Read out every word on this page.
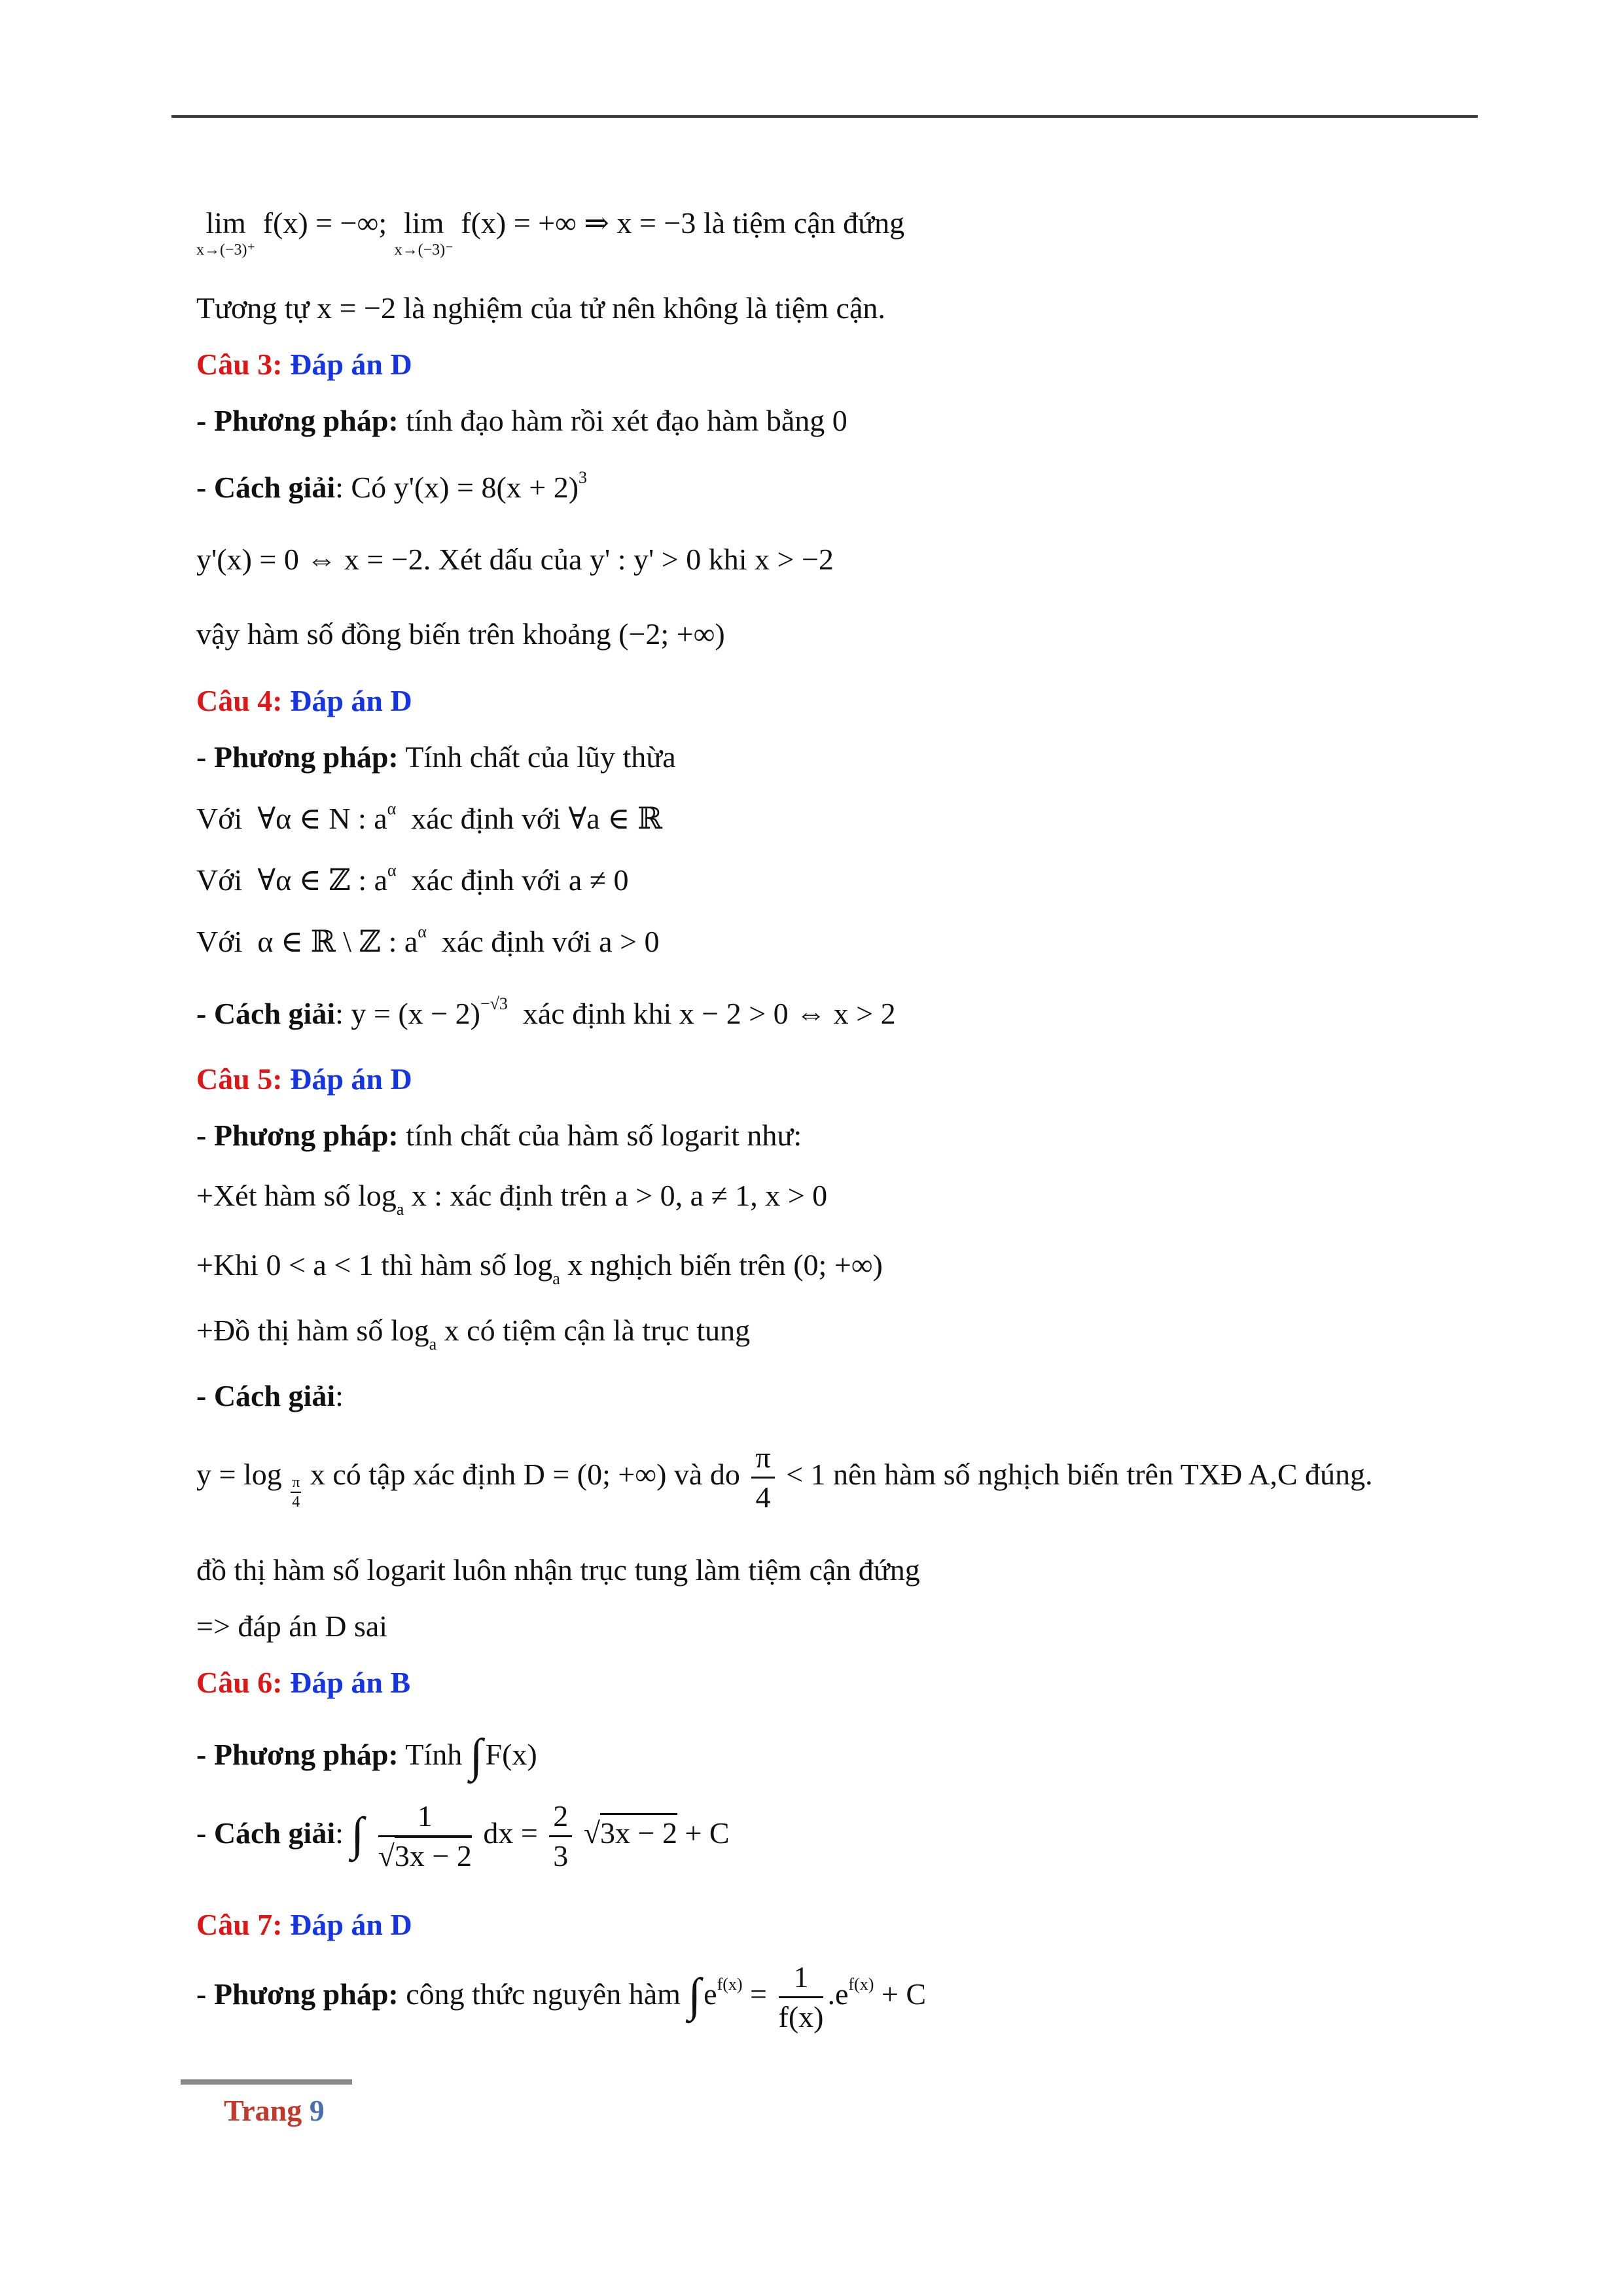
lim
x→(−3)⁺
f(x) = −∞; lim
x→(−3)⁻
f(x) = +∞ ⇒ x = −3 là tiệm cận đứng
Tương tự x = −2 là nghiệm của tử nên không là tiệm cận.
Câu 3: Đáp án D
- Phương pháp: tính đạo hàm rồi xét đạo hàm bằng 0
- Cách giải: Có $y'(x) = 8(x + 2)^3$
y'(x) = 0 ⇔ x = −2. Xét dấu của y' : y' > 0 khi x > −2
vậy hàm số đồng biến trên khoảng (−2; +∞)
Câu 4: Đáp án D
- Phương pháp: Tính chất của lũy thừa
Với ∀α ∈ N : $a^\alpha$ xác định với ∀a ∈ ℝ
Với ∀α ∈ ℤ : $a^\alpha$ xác định với a ≠ 0
Với α ∈ ℝ \ ℤ : $a^\alpha$ xác định với a > 0
- Cách giải: $y = (x - 2)^{-√3}$ xác định khi x − 2 > 0 ⇔ x > 2
Câu 5: Đáp án D
- Phương pháp: tính chất của hàm số logarit như:
+Xét hàm số $\log_a x$ : xác định trên a > 0, a ≠ 1, x > 0
+Khi 0 < a < 1 thì hàm số $\log_a x$ nghịch biến trên (0; +∞)
+Đồ thị hàm số $\log_a x$ có tiệm cận là trục tung
- Cách giải:
y = log
$\frac{\pi}{4}$
x có tập xác định D = (0; +∞) và do $\frac{\pi}{4} < 1$ nên hàm số nghịch biến trên TXĐ A,C đúng.
đồ thị hàm số logarit luôn nhận trục tung làm tiệm cận đứng
=> đáp án D sai
Câu 6: Đáp án B
- Phương pháp: Tính ∫F(x)
- Cách giải: ∫ $\frac{1}{√3x - 2}$ dx = $\frac{2}{3} √3x - 2 + C$
Câu 7: Đáp án D
- Phương pháp: công thức nguyên hàm $\int e^{f(x)} = \frac{1}{f(x)} .e^{f(x)} + C$
Trang 9
